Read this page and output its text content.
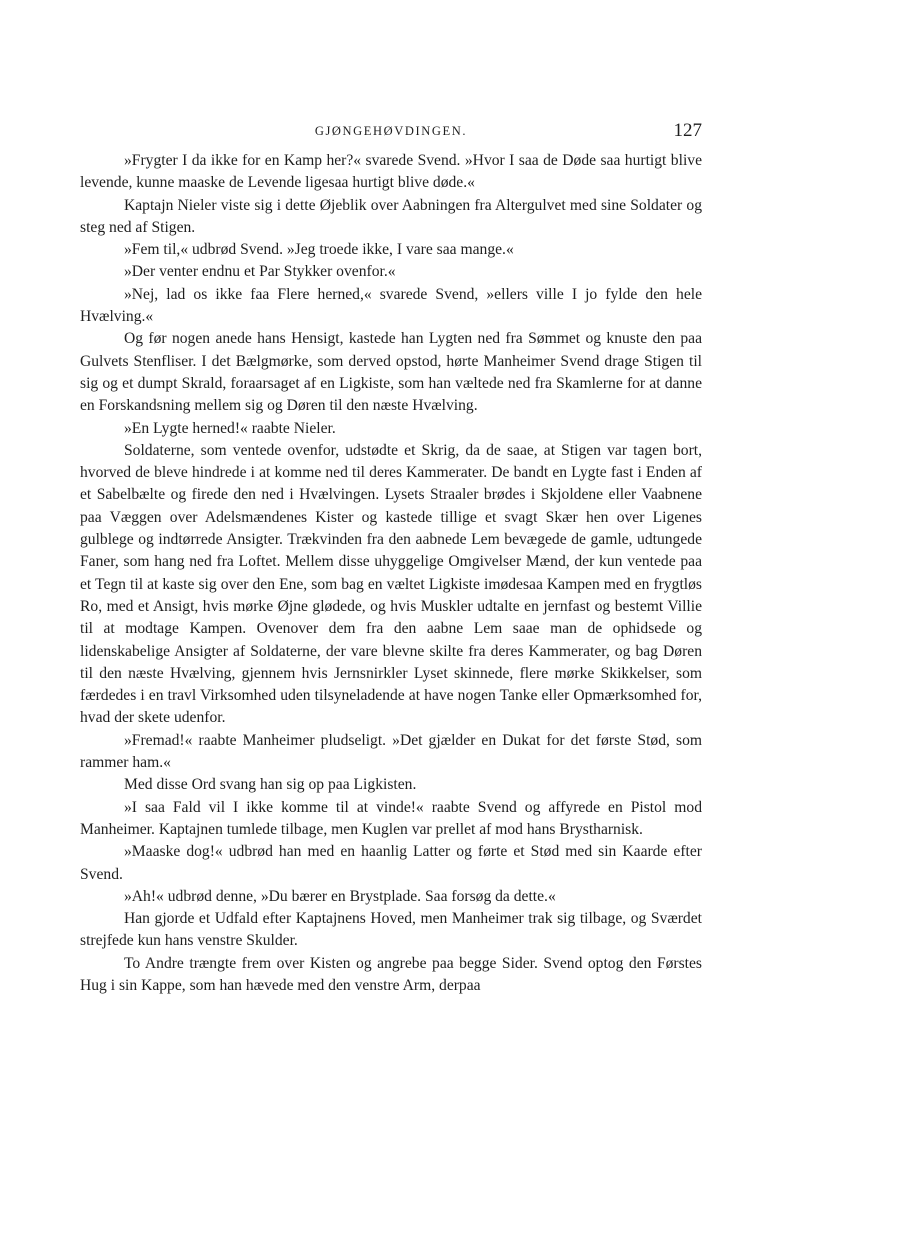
GJØNGEHØVDINGEN.	127

»Frygter I da ikke for en Kamp her?« svarede Svend. »Hvor I saa de Døde saa hurtigt blive levende, kunne maaske de Levende ligesaa hurtigt blive døde.«

Kaptajn Nieler viste sig i dette Øjeblik over Aabningen fra Altergulvet med sine Soldater og steg ned af Stigen.

»Fem til,« udbrød Svend. »Jeg troede ikke, I vare saa mange.«

»Der venter endnu et Par Stykker ovenfor.«

»Nej, lad os ikke faa Flere herned,« svarede Svend, »ellers ville I jo fylde den hele Hvælving.«

Og før nogen anede hans Hensigt, kastede han Lygten ned fra Sømmet og knuste den paa Gulvets Stenfliser. I det Bælgmørke, som derved opstod, hørte Manheimer Svend drage Stigen til sig og et dumpt Skrald, foraarsaget af en Ligkiste, som han væltede ned fra Skamlerne for at danne en Forskandsning mellem sig og Døren til den næste Hvælving.

»En Lygte herned!« raabte Nieler.

Soldaterne, som ventede ovenfor, udstødte et Skrig, da de saae, at Stigen var tagen bort, hvorved de bleve hindrede i at komme ned til deres Kammerater. De bandt en Lygte fast i Enden af et Sabelbælte og firede den ned i Hvælvingen. Lysets Straaler brødes i Skjoldene eller Vaabnene paa Væggen over Adelsmændenes Kister og kastede tillige et svagt Skær hen over Ligenes gulblege og indtørrede Ansigter. Trækvinden fra den aabnede Lem bevægede de gamle, udtungede Faner, som hang ned fra Loftet. Mellem disse uhyggelige Omgivelser Mænd, der kun ventede paa et Tegn til at kaste sig over den Ene, som bag en væltet Ligkiste imødesaa Kampen med en frygtløs Ro, med et Ansigt, hvis mørke Øjne glødede, og hvis Muskler udtalte en jernfast og bestemt Villie til at modtage Kampen. Ovenover dem fra den aabne Lem saae man de ophidsede og lidenskabelige Ansigter af Soldaterne, der vare blevne skilte fra deres Kammerater, og bag Døren til den næste Hvælving, gjennem hvis Jernsnirkler Lyset skinnede, flere mørke Skikkelser, som færdedes i en travl Virksomhed uden tilsyneladende at have nogen Tanke eller Opmærksomhed for, hvad der skete udenfor.

»Fremad!« raabte Manheimer pludseligt. »Det gjælder en Dukat for det første Stød, som rammer ham.«

Med disse Ord svang han sig op paa Ligkisten.

»I saa Fald vil I ikke komme til at vinde!« raabte Svend og affyrede en Pistol mod Manheimer. Kaptajnen tumlede tilbage, men Kuglen var prellet af mod hans Brystharnisk.

»Maaske dog!« udbrød han med en haanlig Latter og førte et Stød med sin Kaarde efter Svend.

»Ah!« udbrød denne, »Du bærer en Brystplade. Saa forsøg da dette.«

Han gjorde et Udfald efter Kaptajnens Hoved, men Manheimer trak sig tilbage, og Sværdet strejfede kun hans venstre Skulder.

To Andre trængte frem over Kisten og angrebe paa begge Sider. Svend optog den Førstes Hug i sin Kappe, som han hævede med den venstre Arm, derpaa
